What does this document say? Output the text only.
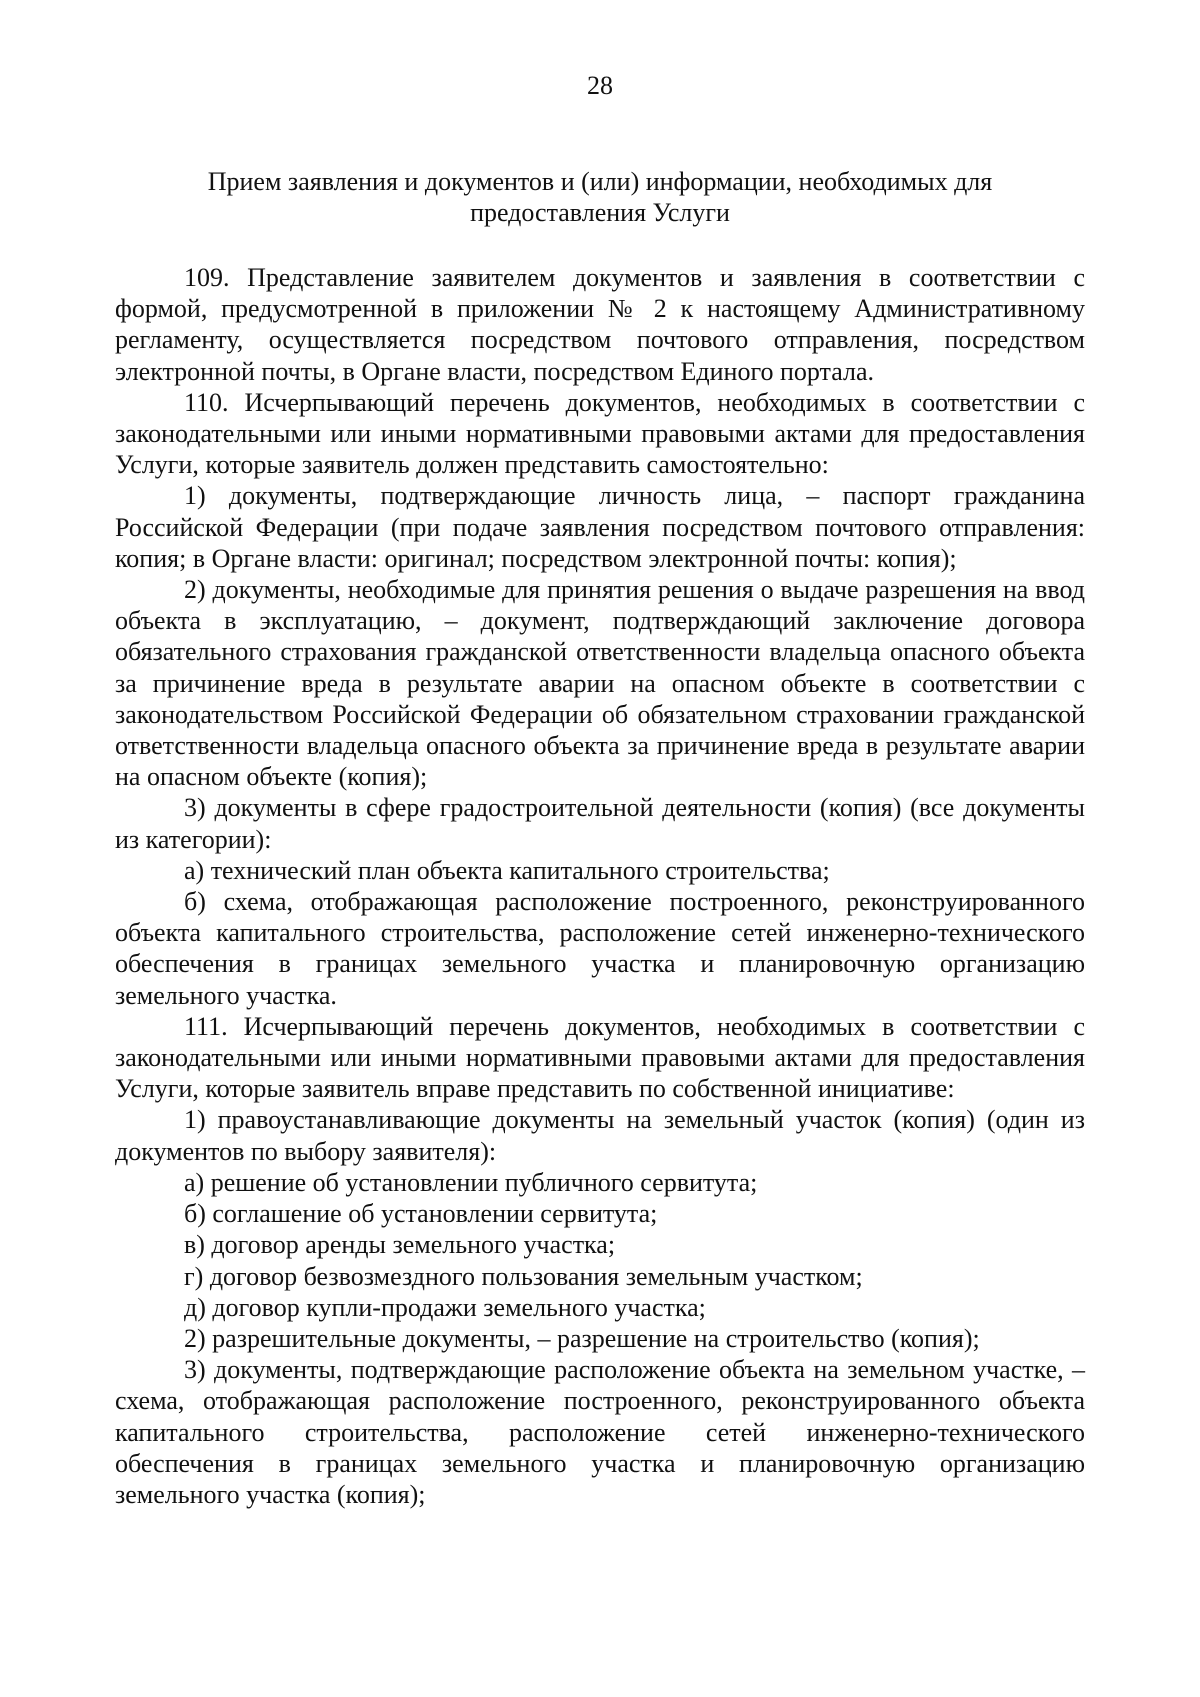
28
Прием заявления и документов и (или) информации, необходимых для
предоставления Услуги

109. Представление заявителем документов и заявления в соответствии с формой, предусмотренной в приложении № 2 к настоящему Административному регламенту, осуществляется посредством почтового отправления, посредством электронной почты, в Органе власти, посредством Единого портала.

110. Исчерпывающий перечень документов, необходимых в соответствии с законодательными или иными нормативными правовыми актами для предоставления Услуги, которые заявитель должен представить самостоятельно:

1) документы, подтверждающие личность лица, – паспорт гражданина Российской Федерации (при подаче заявления посредством почтового отправления: копия; в Органе власти: оригинал; посредством электронной почты: копия);

2) документы, необходимые для принятия решения о выдаче разрешения на ввод объекта в эксплуатацию, – документ, подтверждающий заключение договора обязательного страхования гражданской ответственности владельца опасного объекта за причинение вреда в результате аварии на опасном объекте в соответствии с законодательством Российской Федерации об обязательном страховании гражданской ответственности владельца опасного объекта за причинение вреда в результате аварии на опасном объекте (копия);

3) документы в сфере градостроительной деятельности (копия) (все документы из категории):

а) технический план объекта капитального строительства;

б) схема, отображающая расположение построенного, реконструированного объекта капитального строительства, расположение сетей инженерно-технического обеспечения в границах земельного участка и планировочную организацию земельного участка.

111. Исчерпывающий перечень документов, необходимых в соответствии с законодательными или иными нормативными правовыми актами для предоставления Услуги, которые заявитель вправе представить по собственной инициативе:

1) правоустанавливающие документы на земельный участок (копия) (один из документов по выбору заявителя):

а) решение об установлении публичного сервитута;

б) соглашение об установлении сервитута;

в) договор аренды земельного участка;

г) договор безвозмездного пользования земельным участком;

д) договор купли-продажи земельного участка;

2) разрешительные документы, – разрешение на строительство (копия);

3) документы, подтверждающие расположение объекта на земельном участке, – схема, отображающая расположение построенного, реконструированного объекта капитального строительства, расположение сетей инженерно-технического обеспечения в границах земельного участка и планировочную организацию земельного участка (копия);
